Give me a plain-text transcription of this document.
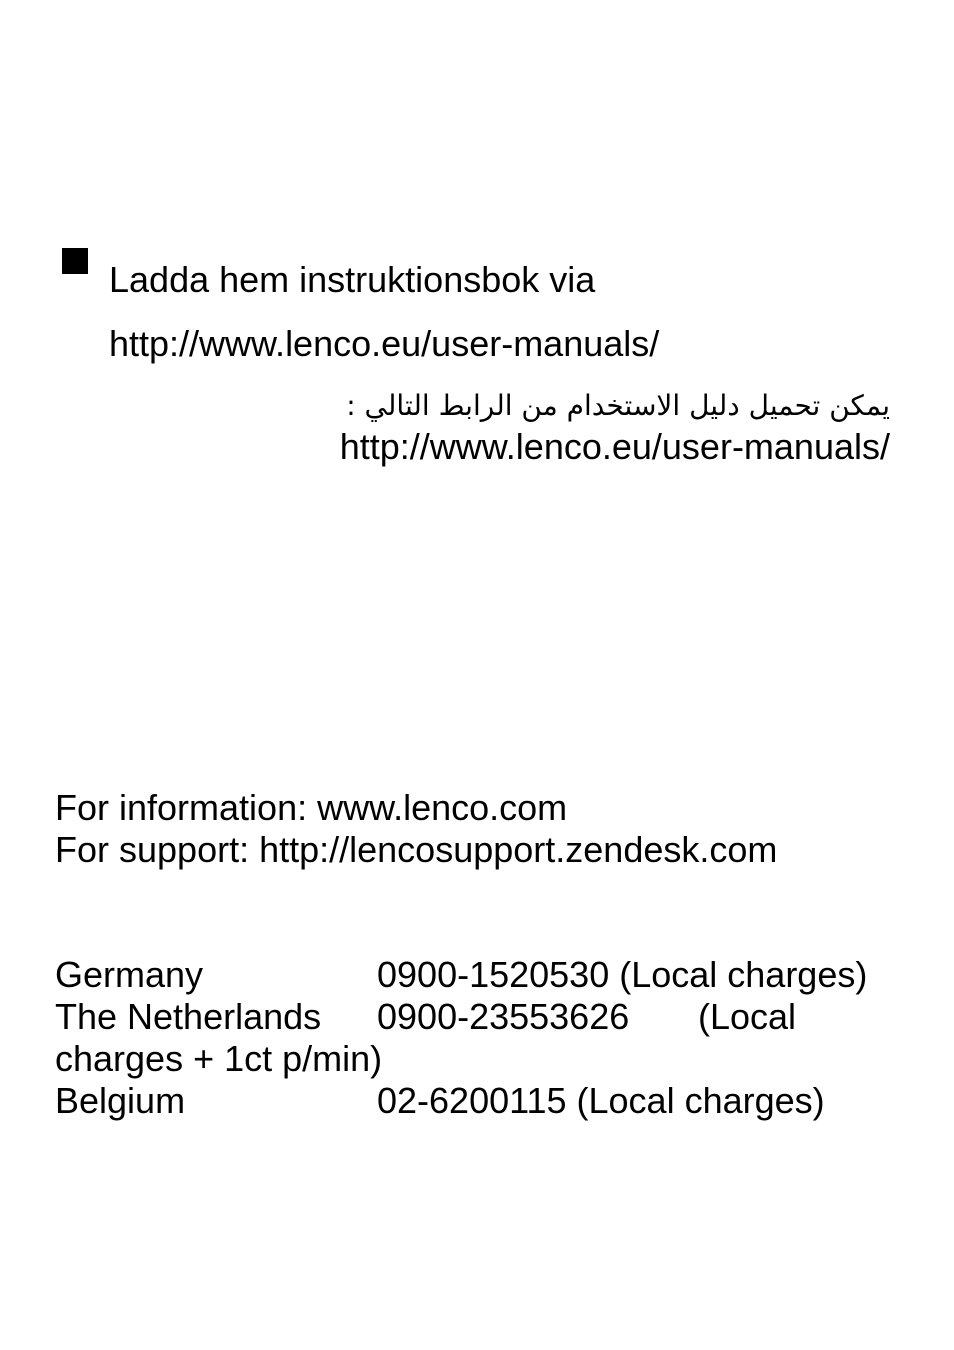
Ladda hem instruktionsbok via
http://www.lenco.eu/user-manuals/
يمكن تحميل دليل الاستخدام من الرابط التالي :
http://www.lenco.eu/user-manuals/
For information: www.lenco.com
For support: http://lencosupport.zendesk.com
Germany	0900-1520530 (Local charges)
The Netherlands 0900-23553626 (Local
charges + 1ct p/min)
Belgium	02-6200115 (Local charges)
